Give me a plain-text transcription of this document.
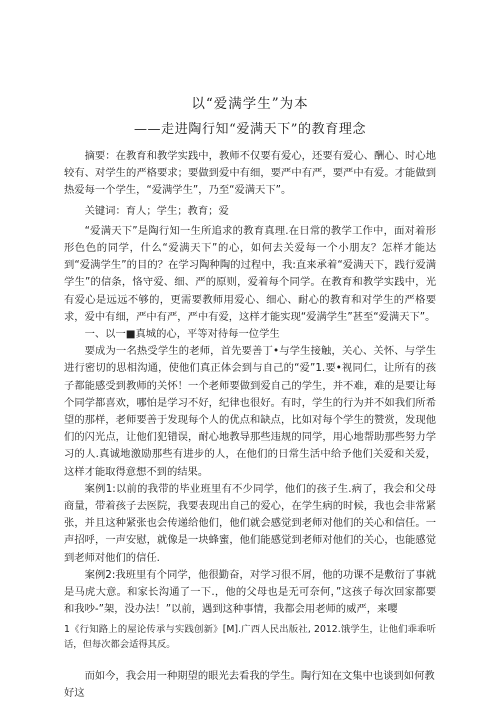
以“爱满学生”为本
——走进陶行知“爱满天下”的教育理念

摘要：在教育和教学实践中，教师不仅要有爱心，还要有爱心、酬心、时心地较有、对学生的严格要求；要做到爱中有细，要严中有严，要严中有爱。才能做到热爱每一个学生，“爱满学生”，乃至“爱满天下”。

关键词：育人；学生；教育；爱

“爱满天下”是陶行知一生所追求的教育真理.在日常的教学工作中，面对着形形色色的同学，什么“爱满天下”的心，如何去关爱每一个小朋友？怎样才能达到“爱满学生”的目的？在学习陶种陶的过程中，我:直来承着“爱满天下，践行爱满学生”的信条，恪守爱、细、严的原则，爱着每个同学。在教育和教学实践中，光有爱心是远远不够的，更需要教师用爱心、细心、耐心的教育和对学生的严格要求，爱中有细，严中有严，严中有爱，这样才能实现“爱满学生”甚至“爱满天下”。

一、以一■真城的心，平等对待每一位学生

要成为一名热受学生的老师，首先要善丁•与学生接触，关心、关怀、与学生进行密切的思相沟通，使他们真正体会到与自己的“爱”1.要•视同仁，让所有的孩子都能感受到教师的关怀！一个老师要做到爱自己的学生，并不难，难的是要让每个同学都喜欢，哪怕是学习不好，纪律也很好。有时，学生的行为并不如我们所希望的那样，老师要善于发现每个人的优点和缺点，比如对每个学生的赞赏，发现他们的闪光点，让他们犯错误，耐心地教导那些违规的同学，用心地帮助那些努力学习的人.真诚地激励那些有进步的人，在他们的日常生活中给予他们关爱和关爱，这样才能取得意想不到的结果。

案例1:以前的我带的毕业班里有不少同学，他们的孩子生.病了，我会和父母商量，带着孩子去医院，我要表现出自己的爱心，在学生病的时候，我也会非常紧张，并且这种紧张也会传递给他们，他们就会感觉到老师对他们的关心和信任。一声招呼，一声安慰，就像是一块蜂蜜，他们能感觉到老师对他们的关心，也能感觉到老师对他们的信任.

案例2:我班里有个同学，他很勤奋，对学习很不屑，他的功课不是敷衍了事就是马虎大意。和家长沟通了一下.，他的父母也是无可奈何，”这孩子每次回家都要和我吵-”架，没办法！”以前，遇到这种事情，我都会用老师的威严，来嘤

1《行知路上的屋论传承与实践创新》[M].广西人民出版社, 2012.饿学生，让他们乖乖听话，但每次都会适得其反。

而如今，我会用一种期望的眼光去看我的学生。陶行知在文集中也谈到如何教好这
